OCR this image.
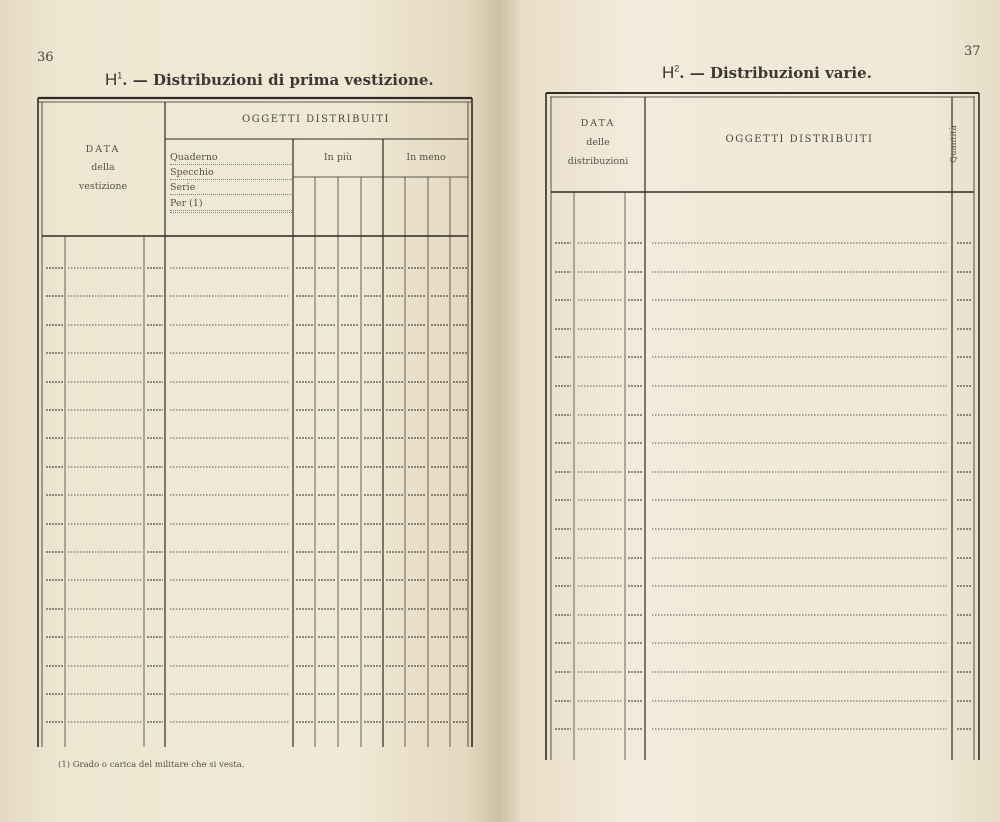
36
$H^1$. — Distribuzioni di prima vestizione.
DATA
della
vestizione
OGGETTI DISTRIBUITI
Quaderno
Specchio
Serie
Per (1)
In più	In meno
(1) Grado o carica del militare che si vesta.
37
$H^2$. — Distribuzioni varie.
DATA
delle
distribuzioni
OGGETTI DISTRIBUITI	Quantità
